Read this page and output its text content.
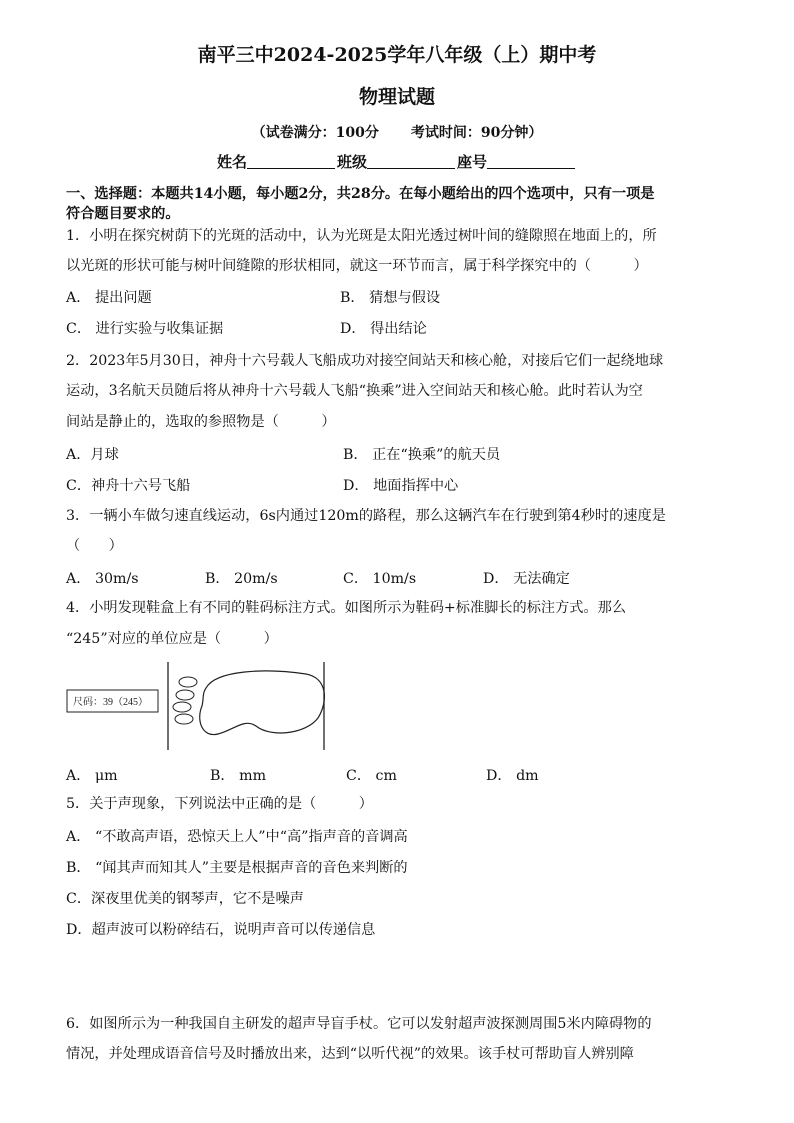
南平三中2024-2025学年八年级（上）期中考
物理试题
（试卷满分：100分 考试时间：90分钟）
姓名	班级	座号
一、选择题：本题共14小题，每小题2分，共28分。在每小题给出的四个选项中，只有一项是
符合题目要求的。
1．小明在探究树荫下的光斑的活动中，认为光斑是太阳光透过树叶间的缝隙照在地面上的，所
以光斑的形状可能与树叶间缝隙的形状相同，就这一环节而言，属于科学探究中的（　　　）
A． 提出问题	B． 猜想与假设
C． 进行实验与收集证据	D． 得出结论
2．2023年5月30日，神舟十六号载人飞船成功对接空间站天和核心舱，对接后它们一起绕地球
运动，3名航天员随后将从神舟十六号载人飞船“换乘”进入空间站天和核心舱。此时若认为空
间站是静止的，选取的参照物是（　　　）
A．月球	B． 正在“换乘”的航天员
C．神舟十六号飞船	D． 地面指挥中心
3．一辆小车做匀速直线运动，6s内通过120m的路程，那么这辆汽车在行驶到第4秒时的速度是
（　　）
A． 30m/s	B． 20m/s	C． 10m/s	D． 无法确定
4．小明发现鞋盒上有不同的鞋码标注方式。如图所示为鞋码+标准脚长的标注方式。那么
“245”对应的单位应是（　　　）
尺码：39（245）
A． μm	B． mm	C． cm	D． dm
5．关于声现象，下列说法中正确的是（　　　）
A． “不敢高声语，恐惊天上人”中“高”指声音的音调高
B． “闻其声而知其人”主要是根据声音的音色来判断的
C．深夜里优美的钢琴声，它不是噪声
D．超声波可以粉碎结石，说明声音可以传递信息
6．如图所示为一种我国自主研发的超声导盲手杖。它可以发射超声波探测周围5米内障碍物的
情况，并处理成语音信号及时播放出来，达到“以听代视”的效果。该手杖可帮助盲人辨别障
